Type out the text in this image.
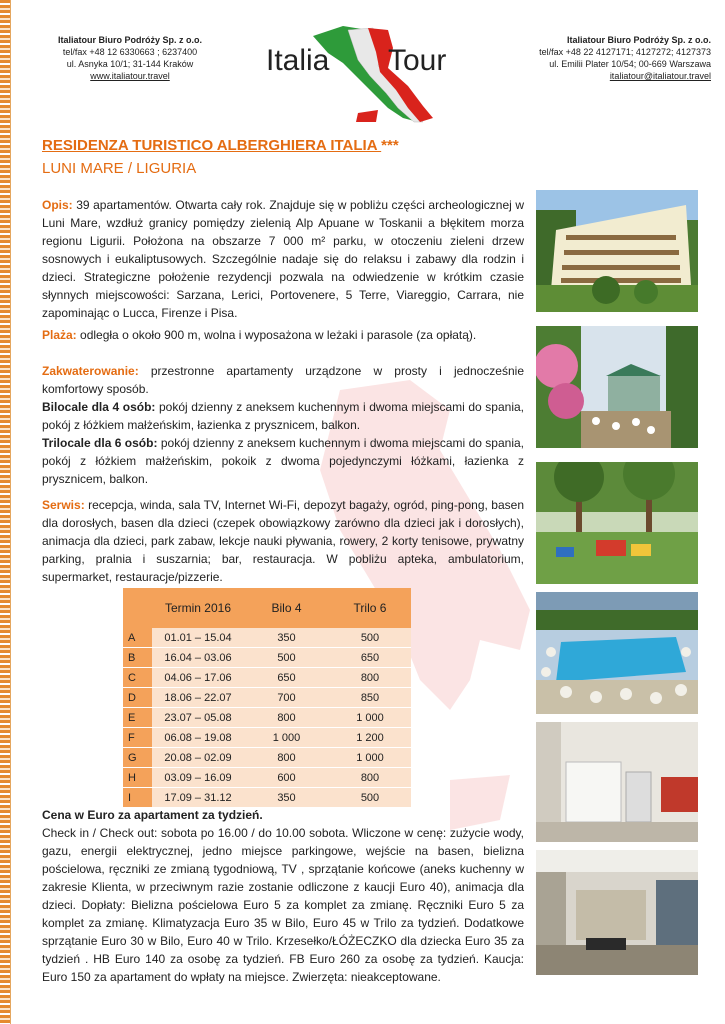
Italiatour Biuro Podróży Sp. z o.o.
tel/fax +48 12 6330663 ; 6237400
ul. Asnyka 10/1; 31-144 Kraków
www.italiatour.travel	Italia Tour
Italiatour Biuro Podróży Sp. z o.o.
tel/fax +48 22 4127171; 4127272; 4127373
ul. Emilii Plater 10/54; 00-669 Warszawa
italiatour@italiatour.travel
RESIDENZA TURISTICO ALBERGHIERA ITALIA ***
LUNI MARE / LIGURIA
Opis: 39 apartamentów. Otwarta cały rok. Znajduje się w pobliżu części archeologicznej w Luni Mare, wzdłuż granicy pomiędzy zielenią Alp Apuane w Toskanii a błękitem morza regionu Ligurii. Położona na obszarze 7 000 m² parku, w otoczeniu zieleni drzew sosnowych i eukaliptusowych. Szczególnie nadaje się do relaksu i zabawy dla rodzin i dzieci. Strategiczne położenie rezydencji pozwala na odwiedzenie w krótkim czasie słynnych miejscowości: Sarzana, Lerici, Portovenere, 5 Terre, Viareggio, Carrara, nie zapominając o Lucca, Firenze i Pisa.
Plaża: odległa o około 900 m, wolna i wyposażona w leżaki i parasole (za opłatą).
Zakwaterowanie: przestronne apartamenty urządzone w prosty i jednocześnie komfortowy sposób.
Bilocale dla 4 osób: pokój dzienny z aneksem kuchennym i dwoma miejscami do spania, pokój z łóżkiem małżeńskim, łazienka z prysznicem, balkon.
Trilocale dla 6 osób: pokój dzienny z aneksem kuchennym i dwoma miejscami do spania, pokój z łóżkiem małżeńskim, pokoik z dwoma pojedynczymi łóżkami, łazienka z prysznicem, balkon.
Serwis: recepcja, winda, sala TV, Internet Wi-Fi, depozyt bagaży, ogród, ping-pong, basen dla dorosłych, basen dla dzieci (czepek obowiązkowy zarówno dla dzieci jak i dorosłych), animacja dla dzieci, park zabaw, lekcje nauki pływania, rowery, 2 korty tenisowe, prywatny parking, pralnia i suszarnia; bar, restauracja. W pobliżu apteka, ambulatorium, supermarket, restauracje/pizzerie.
	Termin 2016	Bilo 4	Trilo 6
A	01.01 – 15.04	350	500
B	16.04 – 03.06	500	650
C	04.06 – 17.06	650	800
D	18.06 – 22.07	700	850
E	23.07 – 05.08	800	1 000
F	06.08 – 19.08	1 000	1 200
G	20.08 – 02.09	800	1 000
H	03.09 – 16.09	600	800
I	17.09 – 31.12	350	500
Cena w Euro za apartament za tydzień.
Check in / Check out: sobota po 16.00 / do 10.00 sobota. Wliczone w cenę: zużycie wody, gazu, energii elektrycznej, jedno miejsce parkingowe, wejście na basen, bielizna pościelowa, ręczniki ze zmianą tygodniową, TV , sprzątanie końcowe (aneks kuchenny w zakresie Klienta, w przeciwnym razie zostanie odliczone z kaucji Euro 40), animacja dla dzieci. Dopłaty: Bielizna pościelowa Euro 5 za komplet za zmianę. Ręczniki Euro 5 za komplet za zmianę. Klimatyzacja Euro 35 w Bilo, Euro 45 w Trilo za tydzień. Dodatkowe sprzątanie Euro 30 w Bilo, Euro 40 w Trilo. Krzesełko/ŁÓŻECZKO dla dziecka Euro 35 za tydzień . HB Euro 140 za osobę za tydzień. FB Euro 260 za osobę za tydzień. Kaucja: Euro 150 za apartament do wpłaty na miejsce. Zwierzęta: nieakceptowane.
